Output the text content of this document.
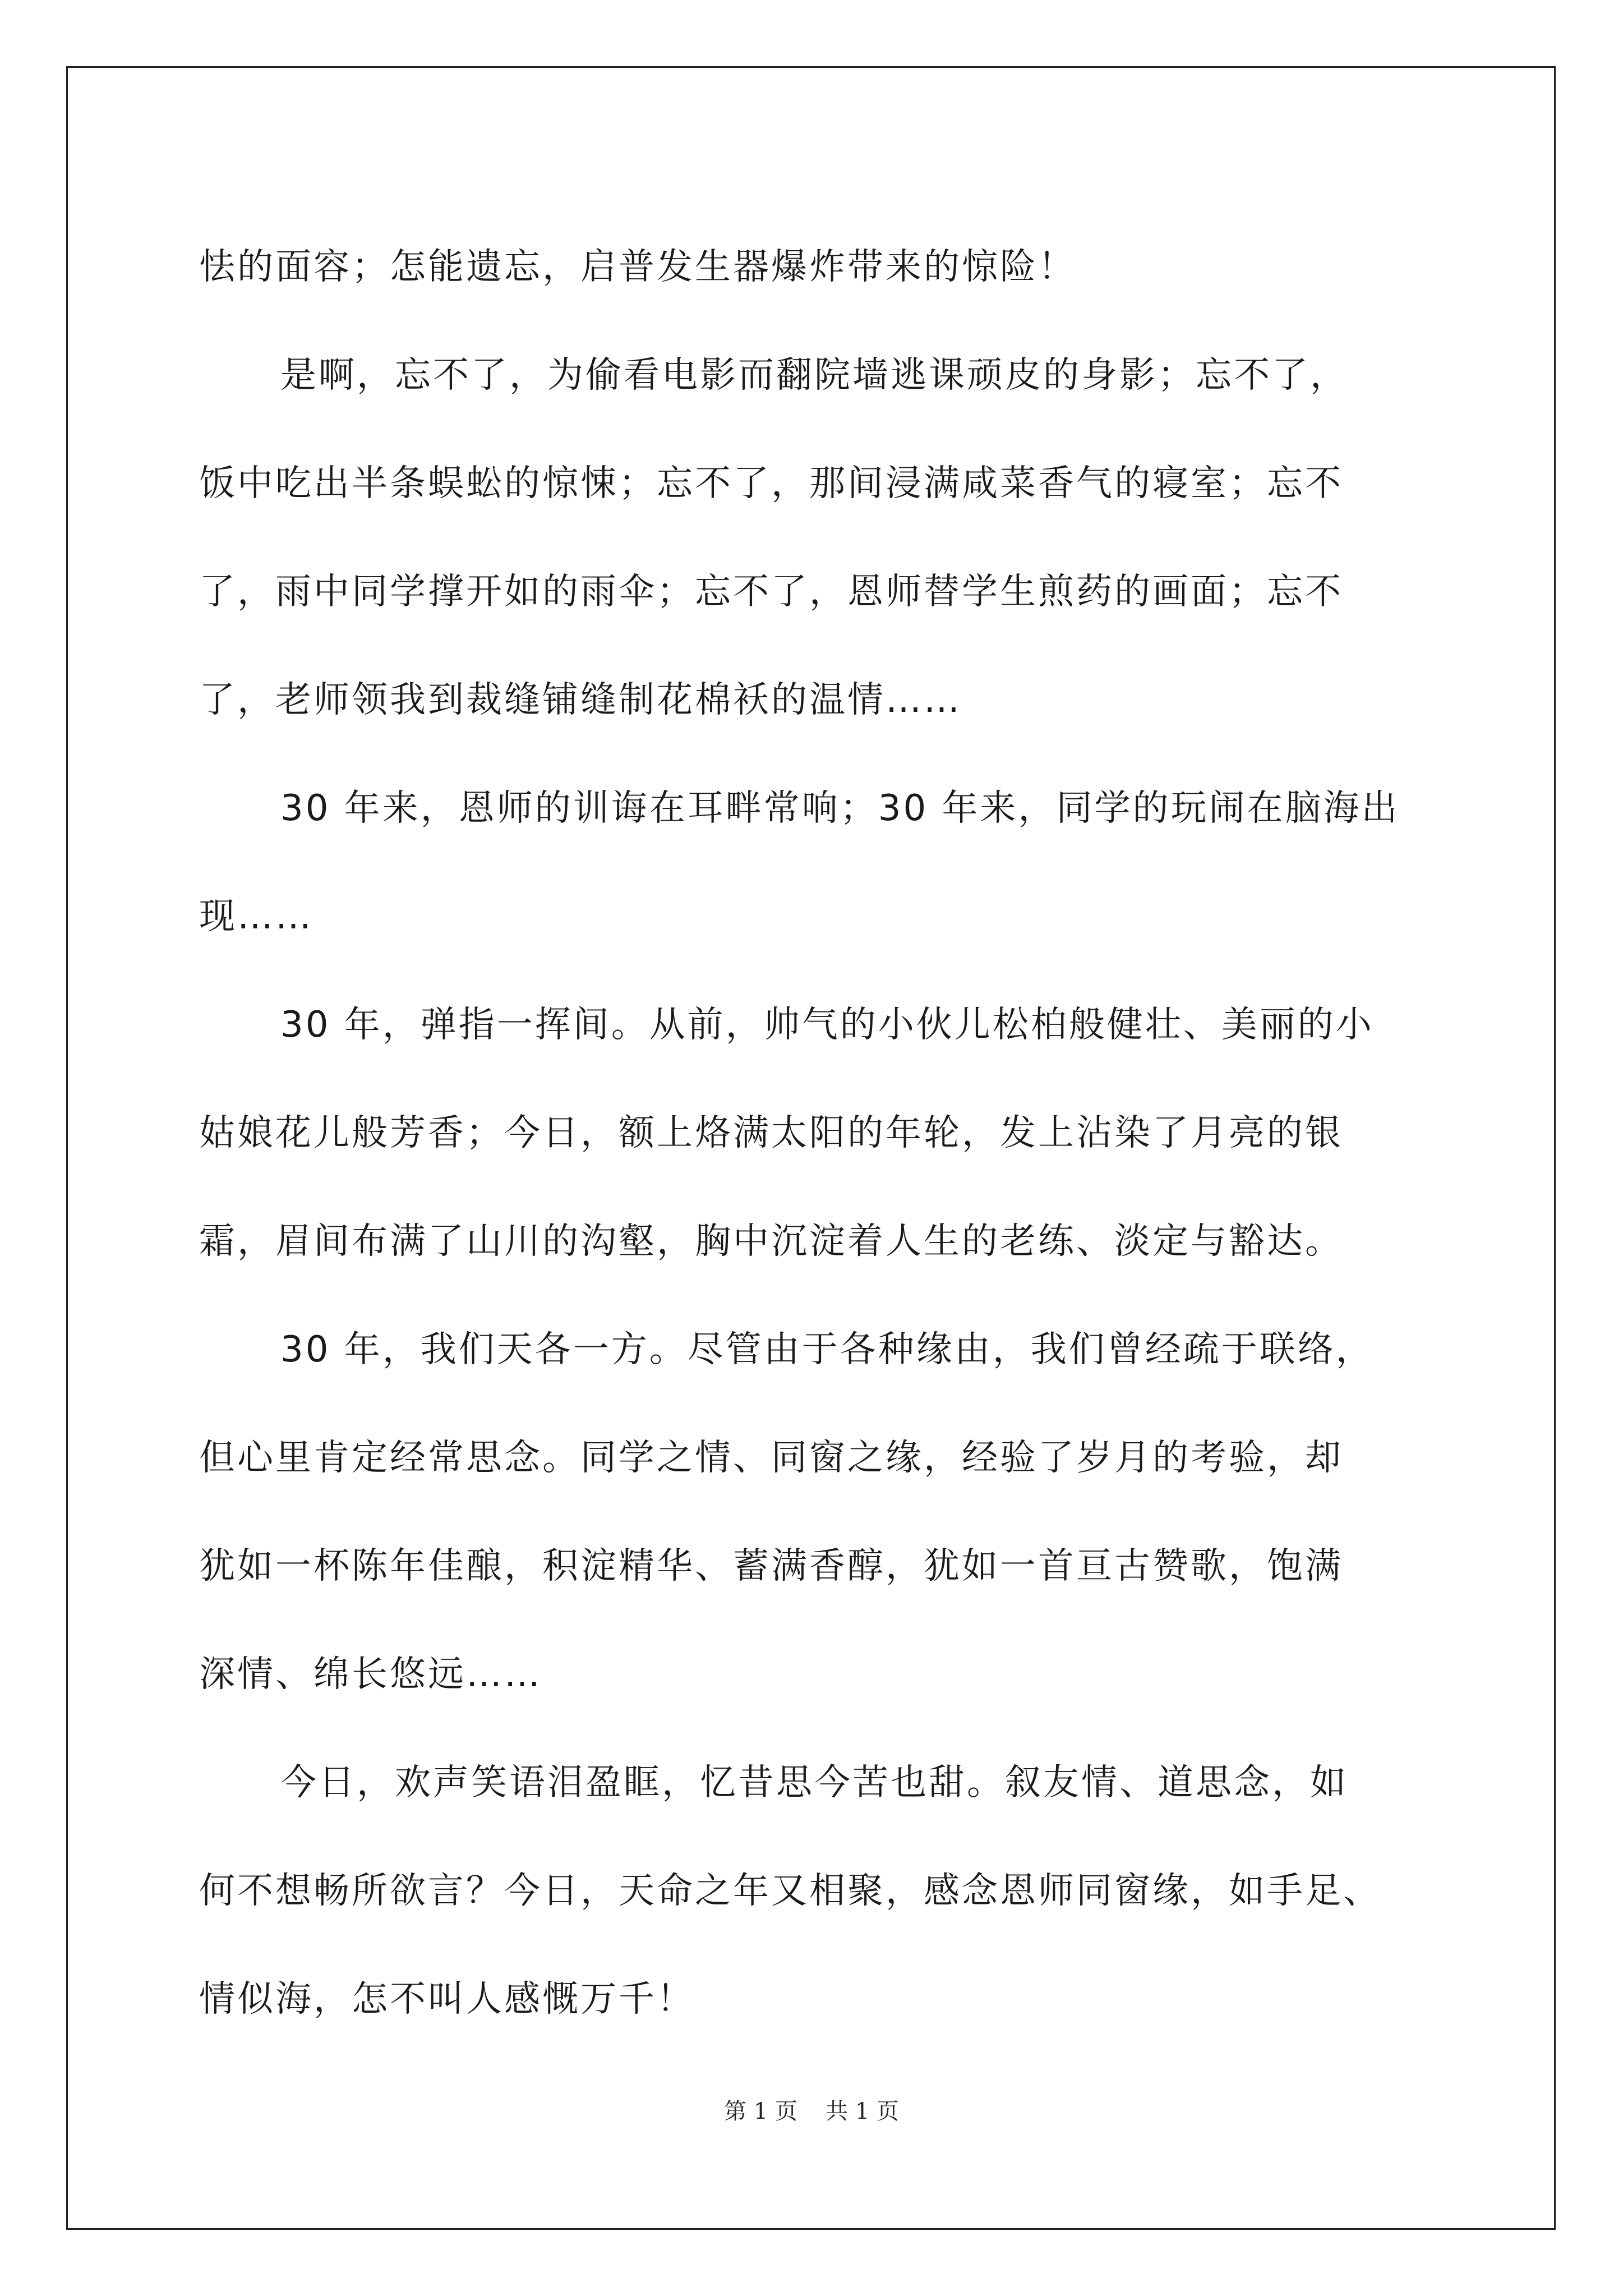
怯的面容；怎能遗忘，启普发生器爆炸带来的惊险！
是啊，忘不了，为偷看电影而翻院墙逃课顽皮的身影；忘不了，
饭中吃出半条蜈蚣的惊悚；忘不了，那间浸满咸菜香气的寝室；忘不
了，雨中同学撑开如的雨伞；忘不了，恩师替学生煎药的画面；忘不
了，老师领我到裁缝铺缝制花棉袄的温情……
30 年来，恩师的训诲在耳畔常响；30 年来，同学的玩闹在脑海出
现……
30 年，弹指一挥间。从前，帅气的小伙儿松柏般健壮、美丽的小
姑娘花儿般芳香；今日，额上烙满太阳的年轮，发上沾染了月亮的银
霜，眉间布满了山川的沟壑，胸中沉淀着人生的老练、淡定与豁达。
30 年，我们天各一方。尽管由于各种缘由，我们曾经疏于联络，
但心里肯定经常思念。同学之情、同窗之缘，经验了岁月的考验，却
犹如一杯陈年佳酿，积淀精华、蓄满香醇，犹如一首亘古赞歌，饱满
深情、绵长悠远……
今日，欢声笑语泪盈眶，忆昔思今苦也甜。叙友情、道思念，如
何不想畅所欲言？今日，天命之年又相聚，感念恩师同窗缘，如手足、
情似海，怎不叫人感慨万千！
第 1 页 共 1 页
